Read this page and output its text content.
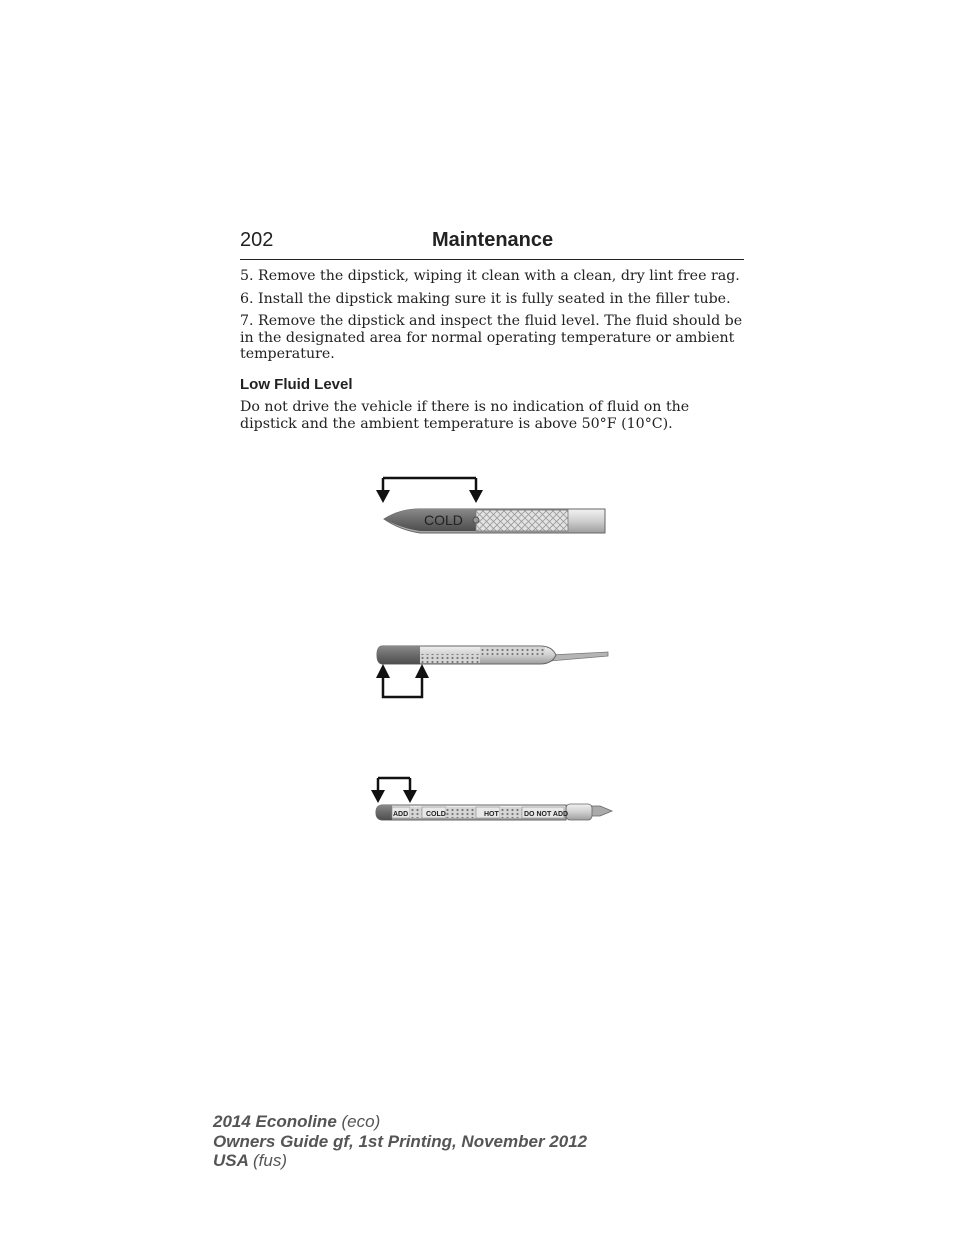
202	Maintenance

5. Remove the dipstick, wiping it clean with a clean, dry lint free rag.

6. Install the dipstick making sure it is fully seated in the filler tube.

7. Remove the dipstick and inspect the fluid level. The fluid should be in the designated area for normal operating temperature or ambient temperature.

Low Fluid Level

Do not drive the vehicle if there is no indication of fluid on the dipstick and the ambient temperature is above 50°F (10°C).

COLD
ADD	COLD	HOT	DO NOT ADD
2014 Econoline (eco)
Owners Guide gf, 1st Printing, November 2012
USA (fus)
